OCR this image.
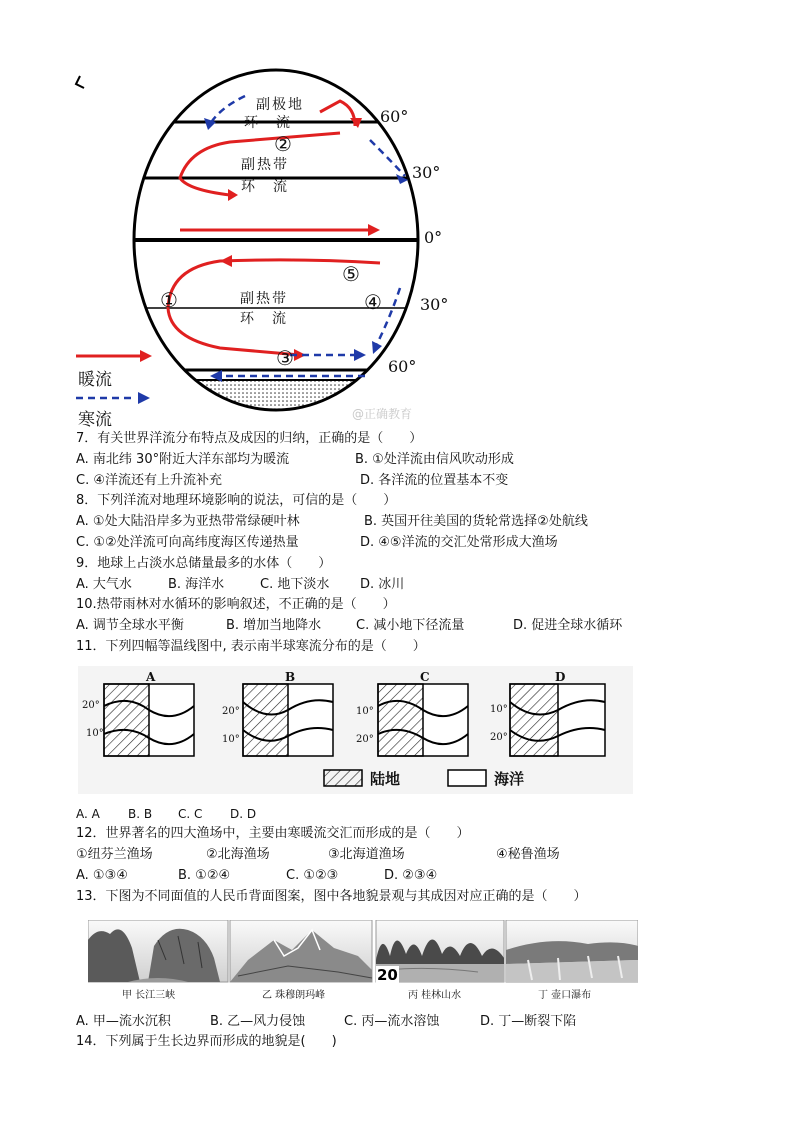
副极地
环　流
副热带
环　流
副热带
环　流
60°
30°
0°
30°
60°
②
⑤
①	④
③
暖流
寒流	@正确教育
7．有关世界洋流分布特点及成因的归纳，正确的是（　　）
A. 南北纬 30°附近大洋东部均为暖流	B. ①处洋流由信风吹动形成
C. ④洋流还有上升流补充	D. 各洋流的位置基本不变
8．下列洋流对地理环境影响的说法，可信的是（　　）
A. ①处大陆沿岸多为亚热带常绿硬叶林	B. 英国开往美国的货轮常选择②处航线
C. ①②处洋流可向高纬度海区传递热量	D. ④⑤洋流的交汇处常形成大渔场
9．地球上占淡水总储量最多的水体（　　）
A. 大气水	B. 海洋水	C. 地下淡水 D. 冰川
10.热带雨林对水循环的影响叙述，不正确的是（　　）
A. 调节全球水平衡	B. 增加当地降水	C. 减小地下径流量	D. 促进全球水循环
11．下列四幅等温线图中, 表示南半球寒流分布的是（　　）
A	B	C	D
20°
10°
20°
10°
10°
20°
10°
20°
陆地	海洋
A. A B. B C. C D. D
12．世界著名的四大渔场中，主要由寒暖流交汇而形成的是（　　）
①纽芬兰渔场	②北海渔场	③北海道渔场	④秘鲁渔场
A. ①③④	B. ①②④	C. ①②③	D. ②③④
13．下图为不同面值的人民币背面图案，图中各地貌景观与其成因对应正确的是（　　）
20
甲 长江三峡	乙 珠穆朗玛峰	丙 桂林山水	丁 壶口瀑布
A. 甲—流水沉积	B. 乙—风力侵蚀	C. 丙—流水溶蚀	D. 丁—断裂下陷
14．下列属于生长边界而形成的地貌是(　　)
